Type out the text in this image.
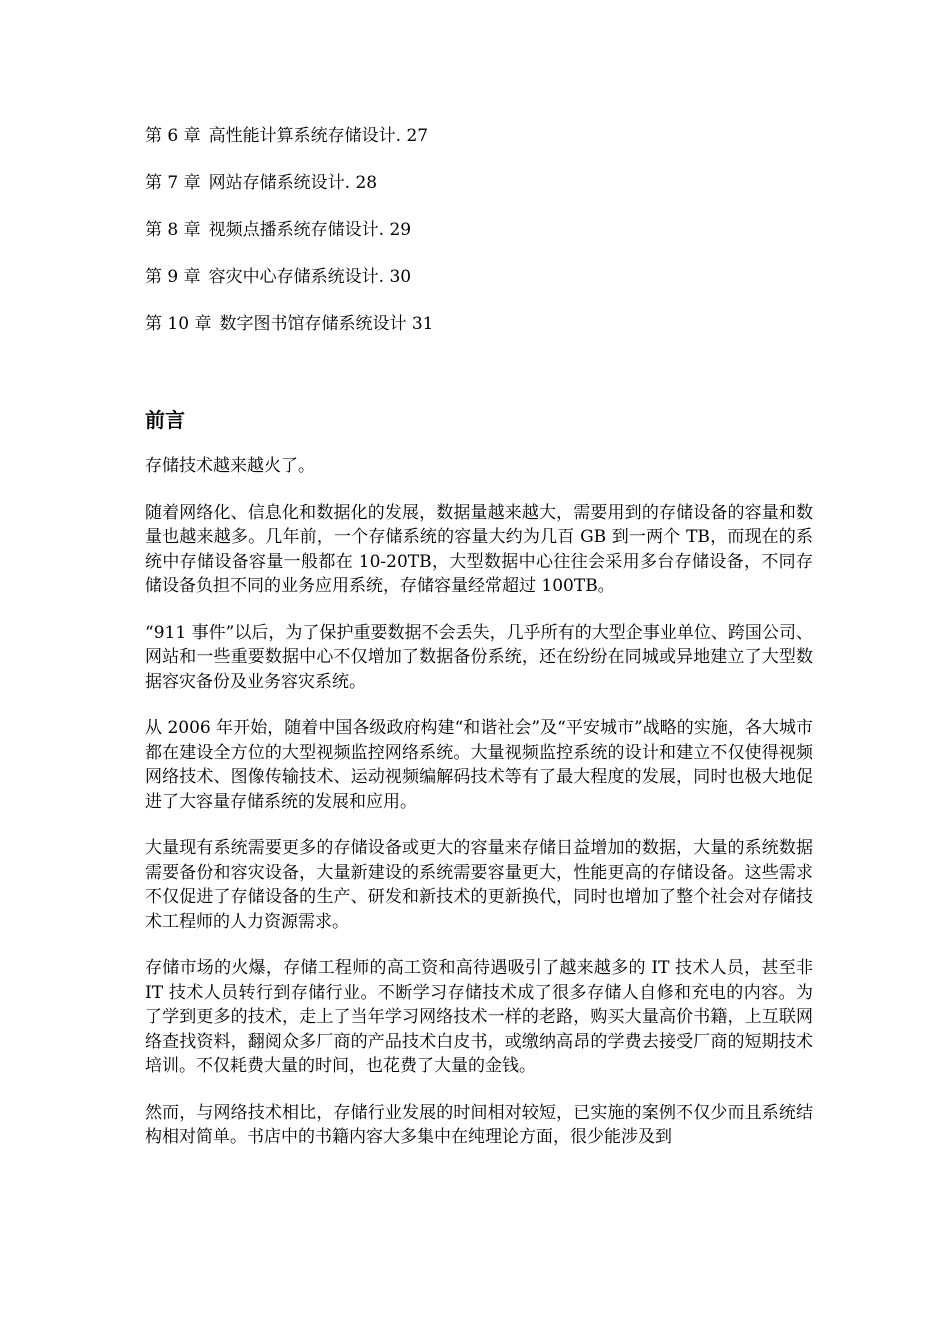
第 6 章 高性能计算系统存储设计. 27
第 7 章 网站存储系统设计. 28
第 8 章 视频点播系统存储设计. 29
第 9 章 容灾中心存储系统设计. 30
第 10 章 数字图书馆存储系统设计 31
前言

存储技术越来越火了。

随着网络化、信息化和数据化的发展，数据量越来越大，需要用到的存储设备的容量和数量也越来越多。几年前，一个存储系统的容量大约为几百 GB 到一两个 TB，而现在的系统中存储设备容量一般都在 10-20TB，大型数据中心往往会采用多台存储设备，不同存储设备负担不同的业务应用系统，存储容量经常超过 100TB。

“911 事件”以后，为了保护重要数据不会丢失，几乎所有的大型企事业单位、跨国公司、网站和一些重要数据中心不仅增加了数据备份系统，还在纷纷在同城或异地建立了大型数据容灾备份及业务容灾系统。

从 2006 年开始，随着中国各级政府构建“和谐社会”及“平安城市”战略的实施，各大城市都在建设全方位的大型视频监控网络系统。大量视频监控系统的设计和建立不仅使得视频网络技术、图像传输技术、运动视频编解码技术等有了最大程度的发展，同时也极大地促进了大容量存储系统的发展和应用。

大量现有系统需要更多的存储设备或更大的容量来存储日益增加的数据，大量的系统数据需要备份和容灾设备，大量新建设的系统需要容量更大，性能更高的存储设备。这些需求不仅促进了存储设备的生产、研发和新技术的更新换代，同时也增加了整个社会对存储技术工程师的人力资源需求。

存储市场的火爆，存储工程师的高工资和高待遇吸引了越来越多的 IT 技术人员，甚至非 IT 技术人员转行到存储行业。不断学习存储技术成了很多存储人自修和充电的内容。为了学到更多的技术，走上了当年学习网络技术一样的老路，购买大量高价书籍，上互联网络查找资料，翻阅众多厂商的产品技术白皮书，或缴纳高昂的学费去接受厂商的短期技术培训。不仅耗费大量的时间，也花费了大量的金钱。

然而，与网络技术相比，存储行业发展的时间相对较短，已实施的案例不仅少而且系统结构相对简单。书店中的书籍内容大多集中在纯理论方面，很少能涉及到
